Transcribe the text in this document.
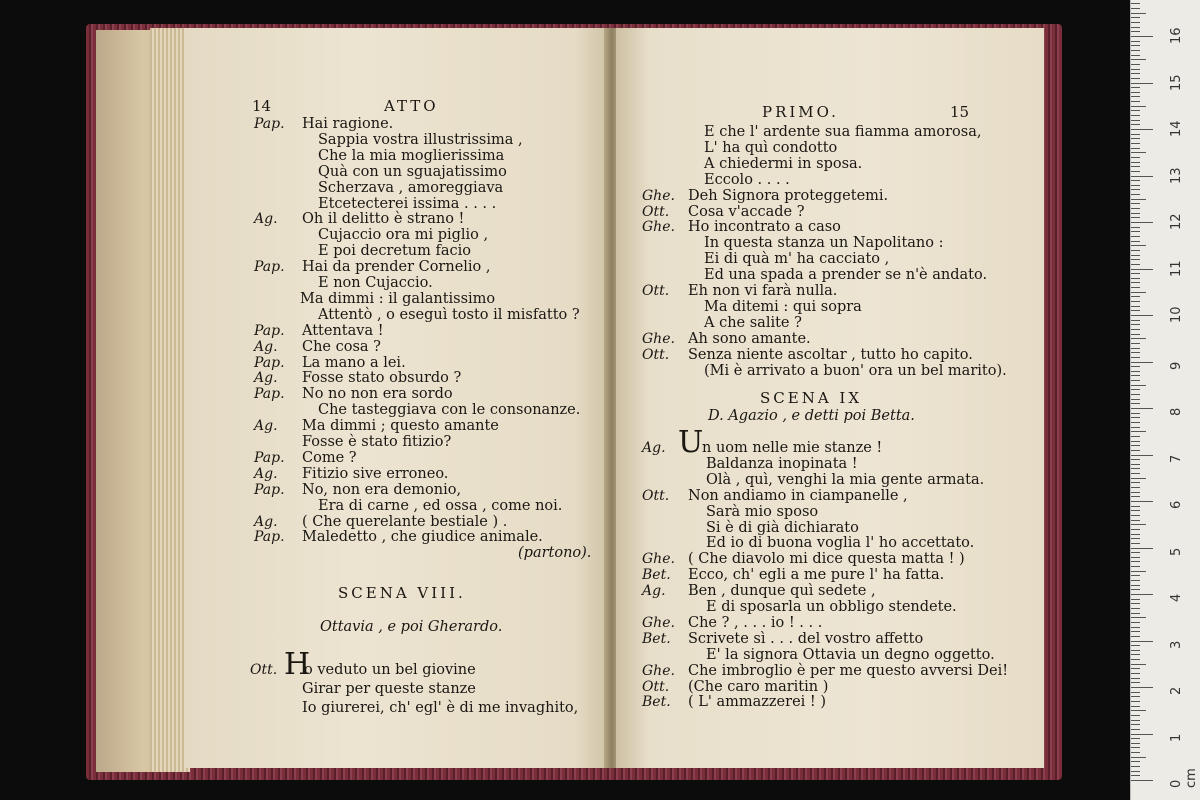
14	ATTO
Pap. Hai ragione.
Sappia vostra illustrissima ,
Che la mia moglierissima
Quà con un sguajatissimo
Scherzava , amoreggiava
Etcetecterei issima . . . .
Ag. Oh il delitto è strano !
Cujaccio ora mi piglio ,
E poi decretum facio
Pap. Hai da prender Cornelio ,
E non Cujaccio.
Ma dimmi : il galantissimo
Attentò , o eseguì tosto il misfatto ?
Pap. Attentava !
Ag. Che cosa ?
Pap. La mano a lei.
Ag. Fosse stato obsurdo ?
Pap. No no non era sordo
Che tasteggiava con le consonanze.
Ag. Ma dimmi ; questo amante
Fosse è stato fitizio?
Pap. Come ?
Ag. Fitizio sive erroneo.
Pap. No, non era demonio,
Era di carne , ed ossa , come noi.
Ag. ( Che querelante bestiale ) .
Pap. Maledetto , che giudice animale.
(partono).
SCENA VIII.
Ottavia , e poi Gherardo.
Ott. H
o veduto un bel giovine
Girar per queste stanze
Io giurerei, ch' egl' è di me invaghito,
PRIMO.	15
E che l' ardente sua fiamma amorosa,
L' ha quì condotto
A chiedermi in sposa.
Eccolo . . . .
Ghe. Deh Signora proteggetemi.
Ott. Cosa v'accade ?
Ghe. Ho incontrato a caso
In questa stanza un Napolitano :
Ei di quà m' ha cacciato ,
Ed una spada a prender se n'è andato.
Ott. Eh non vi farà nulla.
Ma ditemi : qui sopra
A che salite ?
Ghe. Ah sono amante.
Ott. Senza niente ascoltar , tutto ho capito.
(Mi è arrivato a buon' ora un bel marito).
SCENA IX
D. Agazio , e detti poi Betta.
Ag. U
n uom nelle mie stanze !
Baldanza inopinata !
Olà , quì, venghi la mia gente armata.
Ott. Non andiamo in ciampanelle ,
Sarà mio sposo
Si è di già dichiarato
Ed io di buona voglia l' ho accettato.
Ghe. ( Che diavolo mi dice questa matta ! )
Bet. Ecco, ch' egli a me pure l' ha fatta.
Ag. Ben , dunque quì sedete ,
E di sposarla un obbligo stendete.
Ghe. Che ? , . . . io ! . . .
Bet. Scrivete sì . . . del vostro affetto
E' la signora Ottavia un degno oggetto.
Ghe. Che imbroglio è per me questo avversi Dei!
Ott. (Che caro maritin )
Bet. ( L' ammazzerei ! )
0 cm
1
2
3
4
5
6
7
8
9
10
11
12
13
14
15
16
